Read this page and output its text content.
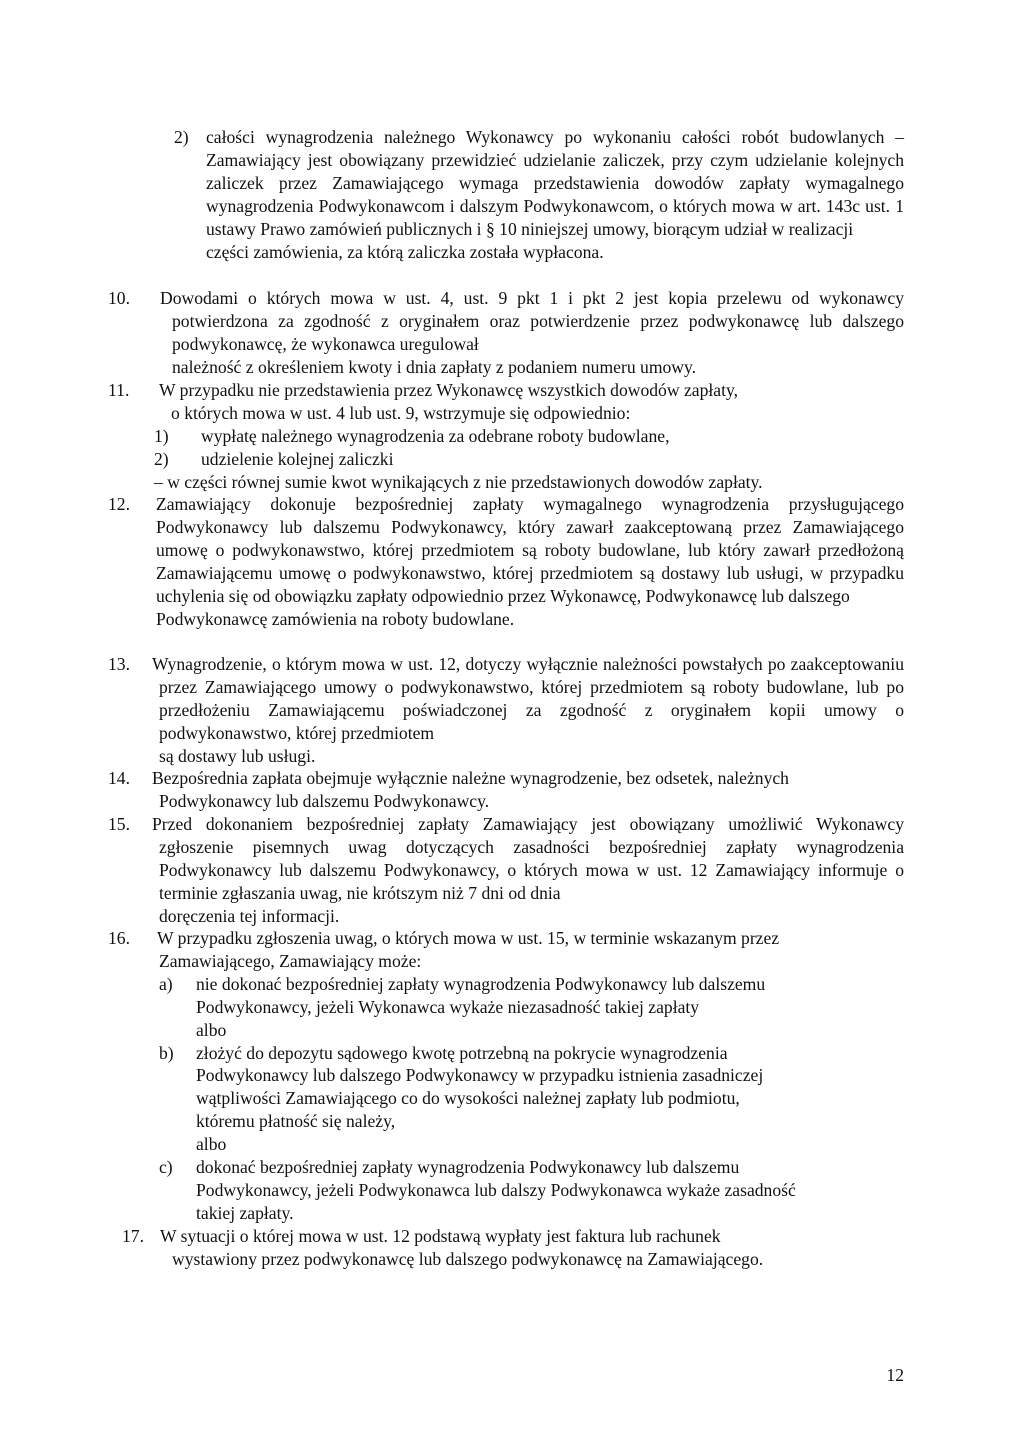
2) całości wynagrodzenia należnego Wykonawcy po wykonaniu całości robót budowlanych – Zamawiający jest obowiązany przewidzieć udzielanie zaliczek, przy czym udzielanie kolejnych zaliczek przez Zamawiającego wymaga przedstawienia dowodów zapłaty wymagalnego wynagrodzenia Podwykonawcom i dalszym Podwykonawcom, o których mowa w art. 143c ust. 1 ustawy Prawo zamówień publicznych i § 10 niniejszej umowy, biorącym udział w realizacji
części zamówienia, za którą zaliczka została wypłacona.
10. Dowodami o których mowa w ust. 4, ust. 9 pkt 1 i pkt 2 jest kopia przelewu od wykonawcy potwierdzona za zgodność z oryginałem oraz potwierdzenie przez podwykonawcę lub dalszego podwykonawcę, że wykonawca uregulował
należność z określeniem kwoty i dnia zapłaty z podaniem numeru umowy.
11. W przypadku nie przedstawienia przez Wykonawcę wszystkich dowodów zapłaty,
o których mowa w ust. 4 lub ust. 9, wstrzymuje się odpowiednio:
1) wypłatę należnego wynagrodzenia za odebrane roboty budowlane,
2) udzielenie kolejnej zaliczki
– w części równej sumie kwot wynikających z nie przedstawionych dowodów zapłaty.
12. Zamawiający dokonuje bezpośredniej zapłaty wymagalnego wynagrodzenia przysługującego Podwykonawcy lub dalszemu Podwykonawcy, który zawarł zaakceptowaną przez Zamawiającego umowę o podwykonawstwo, której przedmiotem są roboty budowlane, lub który zawarł przedłożoną Zamawiającemu umowę o podwykonawstwo, której przedmiotem są dostawy lub usługi, w przypadku uchylenia się od obowiązku zapłaty odpowiednio przez Wykonawcę, Podwykonawcę lub dalszego
Podwykonawcę zamówienia na roboty budowlane.
13. Wynagrodzenie, o którym mowa w ust. 12, dotyczy wyłącznie należności powstałych po zaakceptowaniu przez Zamawiającego umowy o podwykonawstwo, której przedmiotem są roboty budowlane, lub po przedłożeniu Zamawiającemu poświadczonej za zgodność z oryginałem kopii umowy o podwykonawstwo, której przedmiotem
są dostawy lub usługi.
14. Bezpośrednia zapłata obejmuje wyłącznie należne wynagrodzenie, bez odsetek, należnych
Podwykonawcy lub dalszemu Podwykonawcy.
15. Przed dokonaniem bezpośredniej zapłaty Zamawiający jest obowiązany umożliwić Wykonawcy zgłoszenie pisemnych uwag dotyczących zasadności bezpośredniej zapłaty wynagrodzenia Podwykonawcy lub dalszemu Podwykonawcy, o których mowa w ust. 12 Zamawiający informuje o terminie zgłaszania uwag, nie krótszym niż 7 dni od dnia
doręczenia tej informacji.
16. W przypadku zgłoszenia uwag, o których mowa w ust. 15, w terminie wskazanym przez
Zamawiającego, Zamawiający może:
a) nie dokonać bezpośredniej zapłaty wynagrodzenia Podwykonawcy lub dalszemu
Podwykonawcy, jeżeli Wykonawca wykaże niezasadność takiej zapłaty
albo
b) złożyć do depozytu sądowego kwotę potrzebną na pokrycie wynagrodzenia
Podwykonawcy lub dalszego Podwykonawcy w przypadku istnienia zasadniczej
wątpliwości Zamawiającego co do wysokości należnej zapłaty lub podmiotu,
któremu płatność się należy,
albo
c) dokonać bezpośredniej zapłaty wynagrodzenia Podwykonawcy lub dalszemu
Podwykonawcy, jeżeli Podwykonawca lub dalszy Podwykonawca wykaże zasadność
takiej zapłaty.
17. W sytuacji o której mowa w ust. 12 podstawą wypłaty jest faktura lub rachunek
wystawiony przez podwykonawcę lub dalszego podwykonawcę na Zamawiającego.
12
